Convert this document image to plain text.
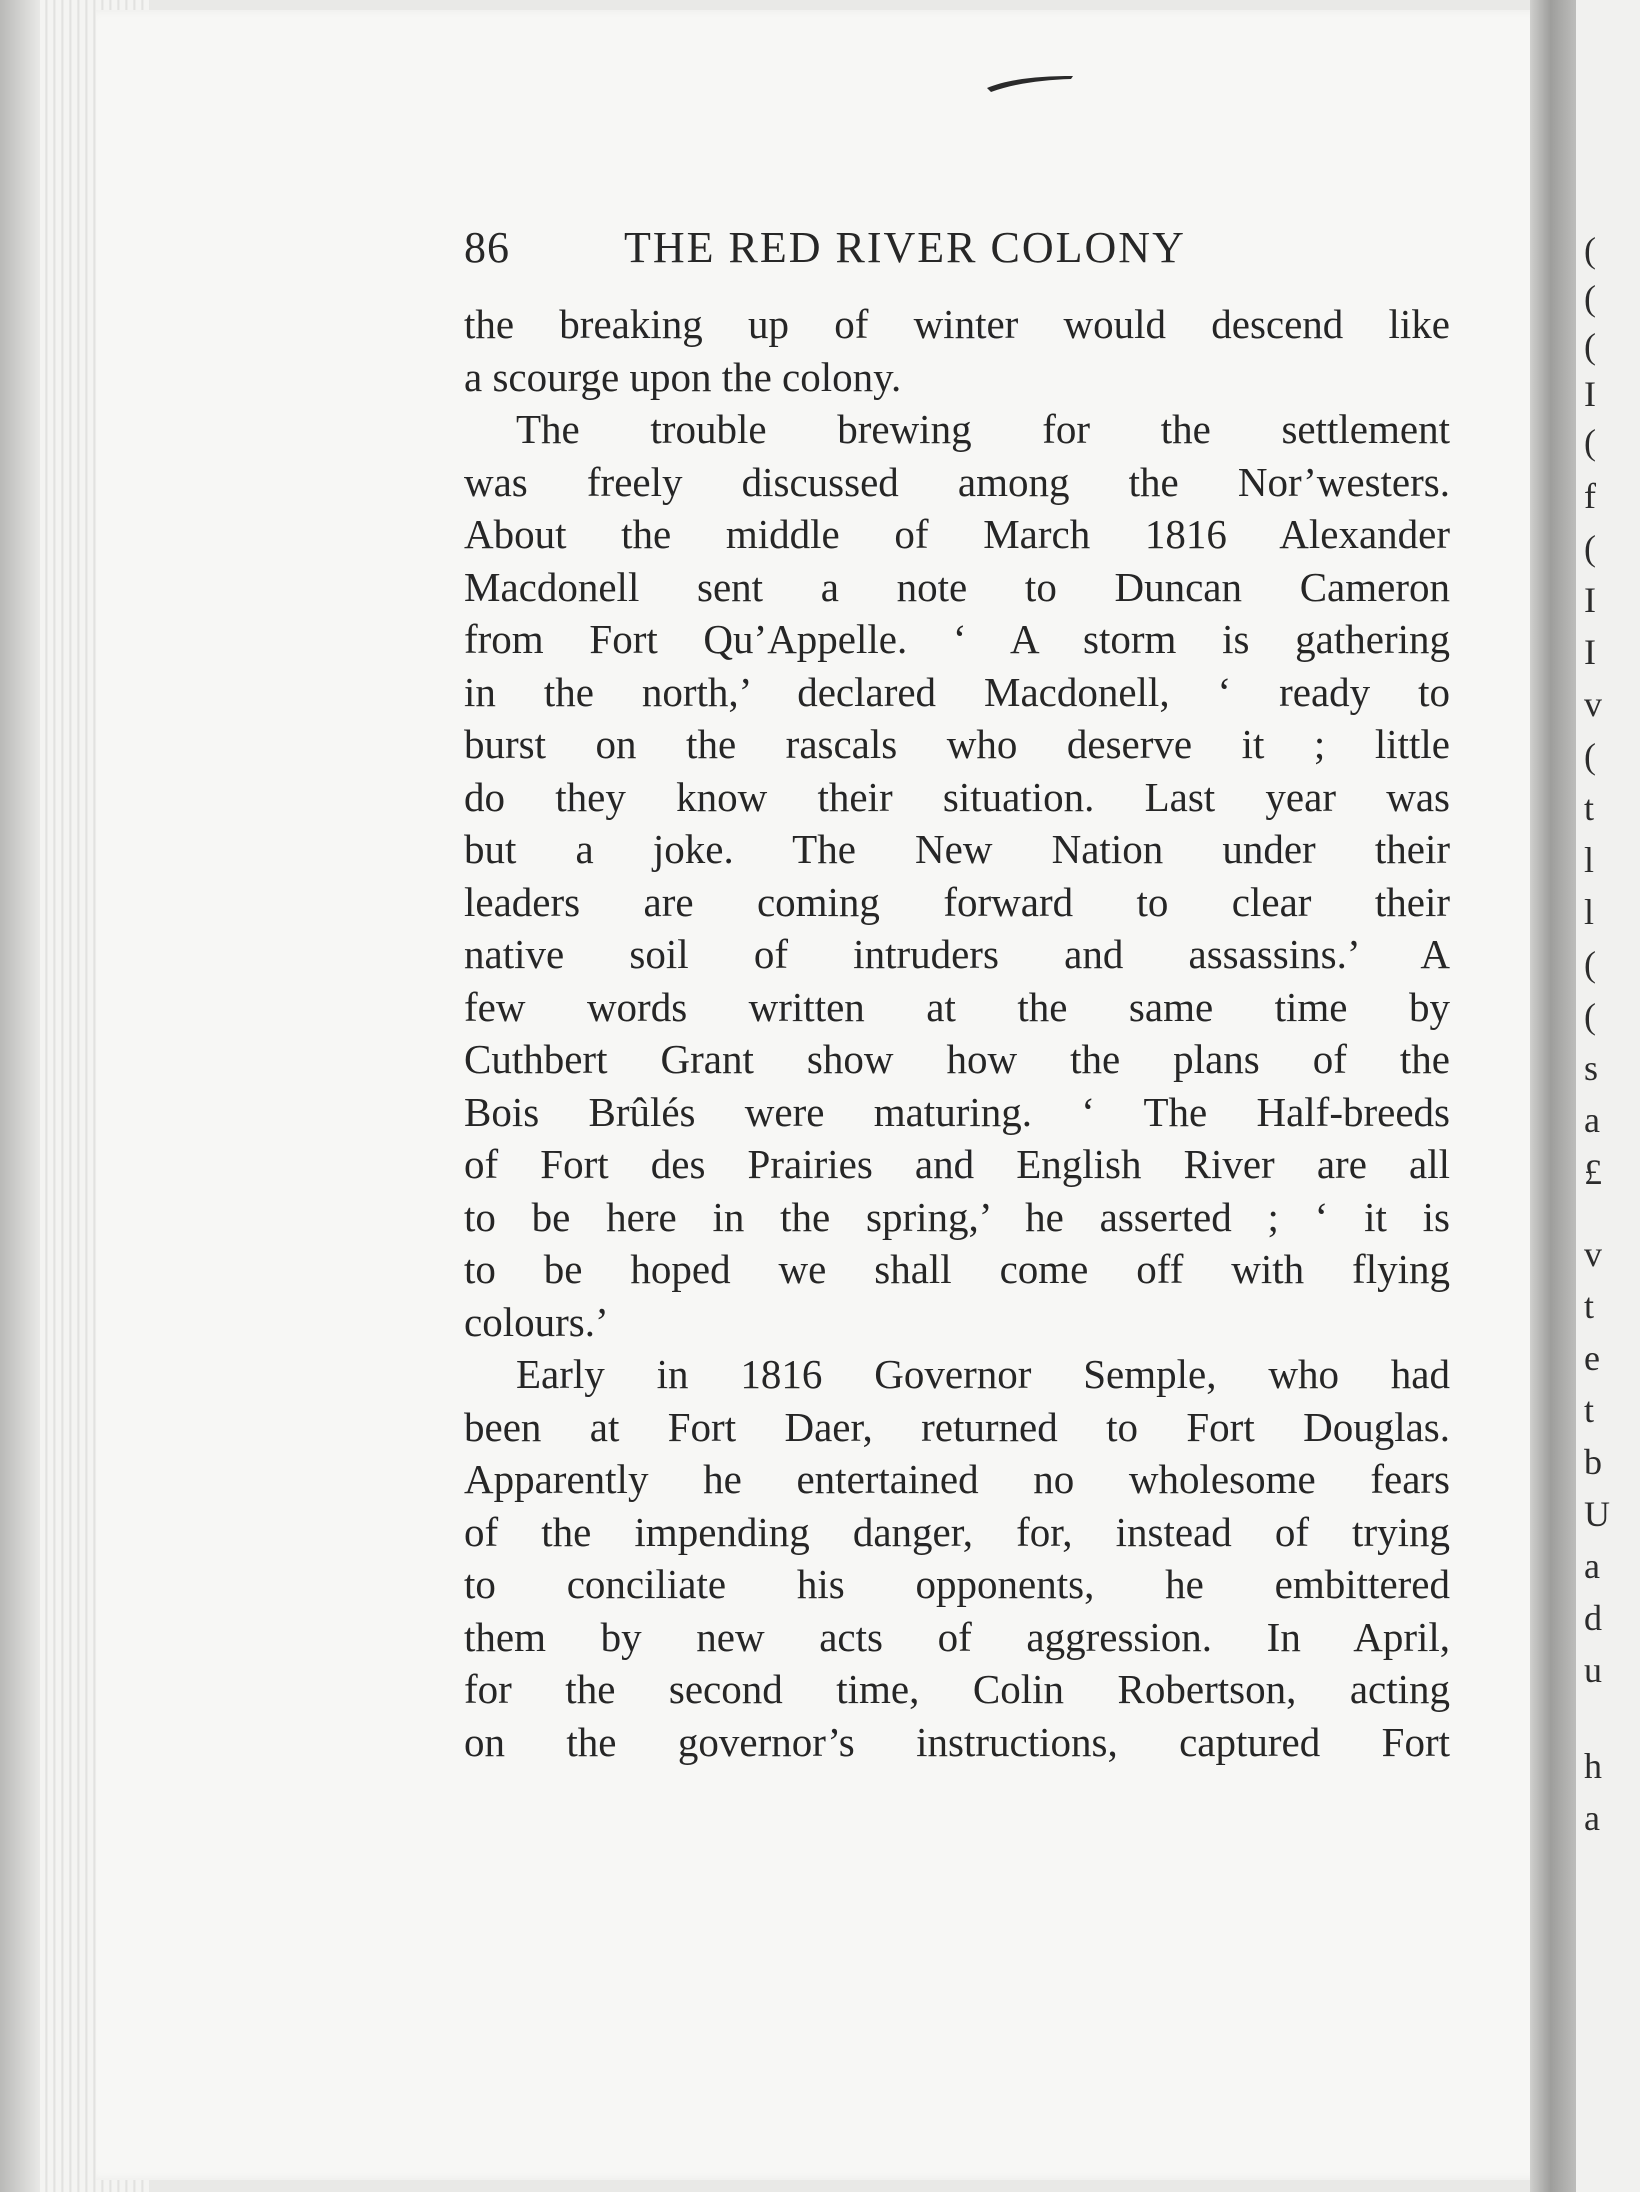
86	THE RED RIVER COLONY
the breaking up of winter would descend like
a scourge upon the colony.
The trouble brewing for the settlement
was freely discussed among the Nor’westers.
About the middle of March 1816 Alexander
Macdonell sent a note to Duncan Cameron
from Fort Qu’Appelle. ‘ A storm is gathering
in the north,’ declared Macdonell, ‘ ready to
burst on the rascals who deserve it ; little
do they know their situation. Last year was
but a joke. The New Nation under their
leaders are coming forward to clear their
native soil of intruders and assassins.’ A
few words written at the same time by
Cuthbert Grant show how the plans of the
Bois Brûlés were maturing. ‘ The Half-breeds
of Fort des Prairies and English River are all
to be here in the spring,’ he asserted ; ‘ it is
to be hoped we shall come off with flying
colours.’
Early in 1816 Governor Semple, who had
been at Fort Daer, returned to Fort Douglas.
Apparently he entertained no wholesome fears
of the impending danger, for, instead of trying
to conciliate his opponents, he embittered
them by new acts of aggression. In April,
for the second time, Colin Robertson, acting
on the governor’s instructions, captured Fort
(
(
(
I
(
f
(
I
I
v
(
t
l
l
(
(
s
a
£
v
t
e
t
b
U
a
d
u
h
a
